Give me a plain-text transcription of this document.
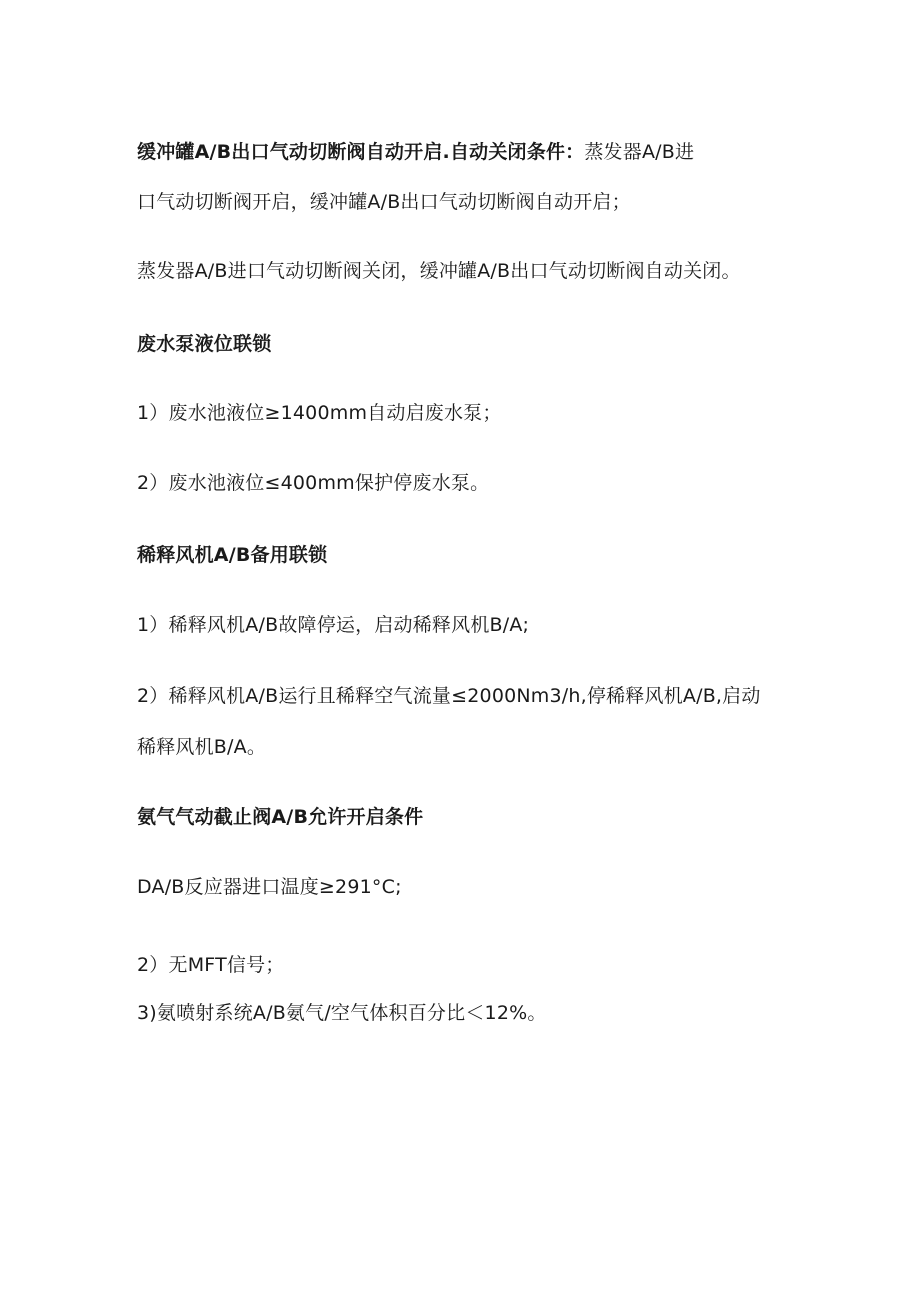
缓冲罐A/B出口气动切断阀自动开启.自动关闭条件：蒸发器A/B进
口气动切断阀开启，缓冲罐A/B出口气动切断阀自动开启；
蒸发器A/B进口气动切断阀关闭，缓冲罐A/B出口气动切断阀自动关闭。
废水泵液位联锁
1）废水池液位≥1400mm自动启废水泵；
2）废水池液位≤400mm保护停废水泵。
稀释风机A/B备用联锁
1）稀释风机A/B故障停运，启动稀释风机B/A;
2）稀释风机A/B运行且稀释空气流量≤2000Nm3∕h,停稀释风机A/B,启动
稀释风机B∕A。
氨气气动截止阀A/B允许开启条件
DA/B反应器进口温度≥291°C;
2）无MFT信号；
3)氨喷射系统A/B氨气∕空气体积百分比＜12%。
